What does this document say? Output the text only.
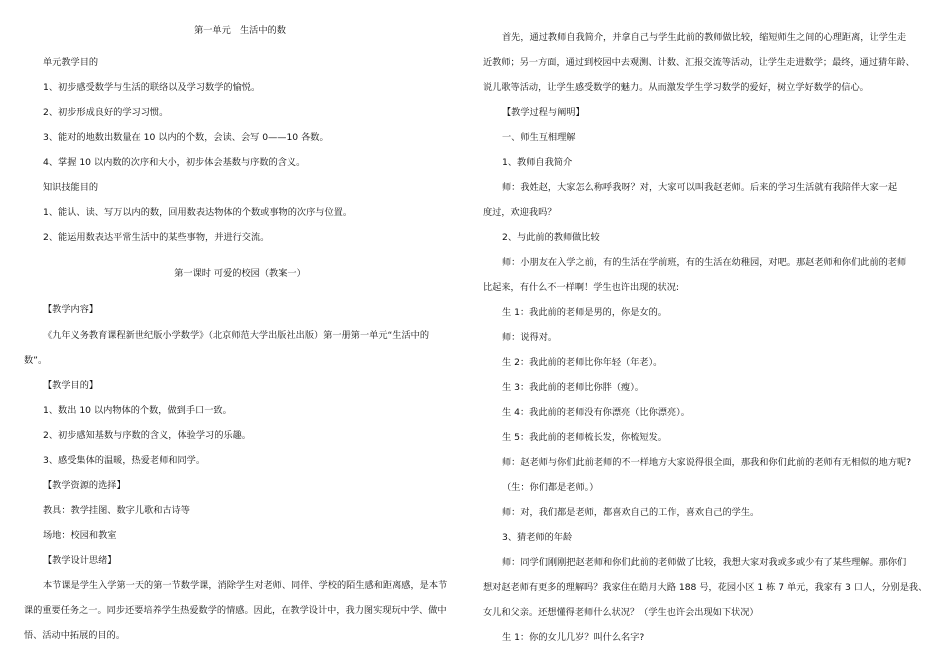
第一单元　生活中的数
单元教学目的
1、初步感受数学与生活的联络以及学习数学的愉悦。
2、初步形成良好的学习习惯。
3、能对的地数出数量在 10 以内的个数，会读、会写 0——10 各数。
4、掌握 10 以内数的次序和大小，初步体会基数与序数的含义。
知识技能目的
1、能认、读、写万以内的数，回用数表达物体的个数或事物的次序与位置。
2、能运用数表达平常生活中的某些事物，并进行交流。
第一课时 可爱的校园（教案一）
【教学内容】
《九年义务教育课程新世纪版小学数学》（北京师范大学出版社出版）第一册第一单元“生活中的
数”。
【教学目的】
1、数出 10 以内物体的个数，做到手口一致。
2、初步感知基数与序数的含义，体验学习的乐趣。
3、感受集体的温暖，热爱老师和同学。
【教学资源的选择】
教具：教学挂图、数字儿歌和古诗等
场地：校园和教室
【教学设计思绪】
本节课是学生入学第一天的第一节数学课，消除学生对老师、同伴、学校的陌生感和距离感，是本节
课的重要任务之一。同步还要培养学生热爱数学的情感。因此，在教学设计中，我力图实现玩中学、做中
悟、活动中拓展的目的。
首先，通过教师自我简介，并拿自己与学生此前的教师做比较，缩短师生之间的心理距离，让学生走
近教师；另一方面，通过到校园中去观测、计数、汇报交流等活动，让学生走进数学；最终，通过猜年龄、
说儿歌等活动，让学生感受数学的魅力。从而激发学生学习数学的爱好，树立学好数学的信心。
【教学过程与阐明】
一、师生互相理解
1、教师自我简介
师：我姓赵，大家怎么称呼我呀？对，大家可以叫我赵老师。后来的学习生活就有我陪伴大家一起
度过，欢迎我吗？
2、与此前的教师做比较
师：小朋友在入学之前，有的生活在学前班，有的生活在幼稚园，对吧。那赵老师和你们此前的老师
比起来，有什么不一样啊！学生也许出现的状况:
生 1：我此前的老师是男的，你是女的。
师：说得对。
生 2：我此前的老师比你年轻（年老）。
生 3：我此前的老师比你胖（瘦）。
生 4：我此前的老师没有你漂亮（比你漂亮）。
生 5：我此前的老师梳长发，你梳短发。
师：赵老师与你们此前老师的不一样地方大家说得很全面，那我和你们此前的老师有无相似的地方呢?
（生：你们都是老师。）
师：对，我们都是老师，都喜欢自己的工作，喜欢自己的学生。
3、猜老师的年龄
师：同学们刚刚把赵老师和你们此前的老师做了比较，我想大家对我或多或少有了某些理解。那你们
想对赵老师有更多的理解吗？我家住在皓月大路 188 号，花园小区 1 栋 7 单元，我家有 3 口人，分别是我、
女儿和父亲。还想懂得老师什么状况？（学生也许会出现如下状况）
生 1：你的女儿几岁？叫什么名字?
